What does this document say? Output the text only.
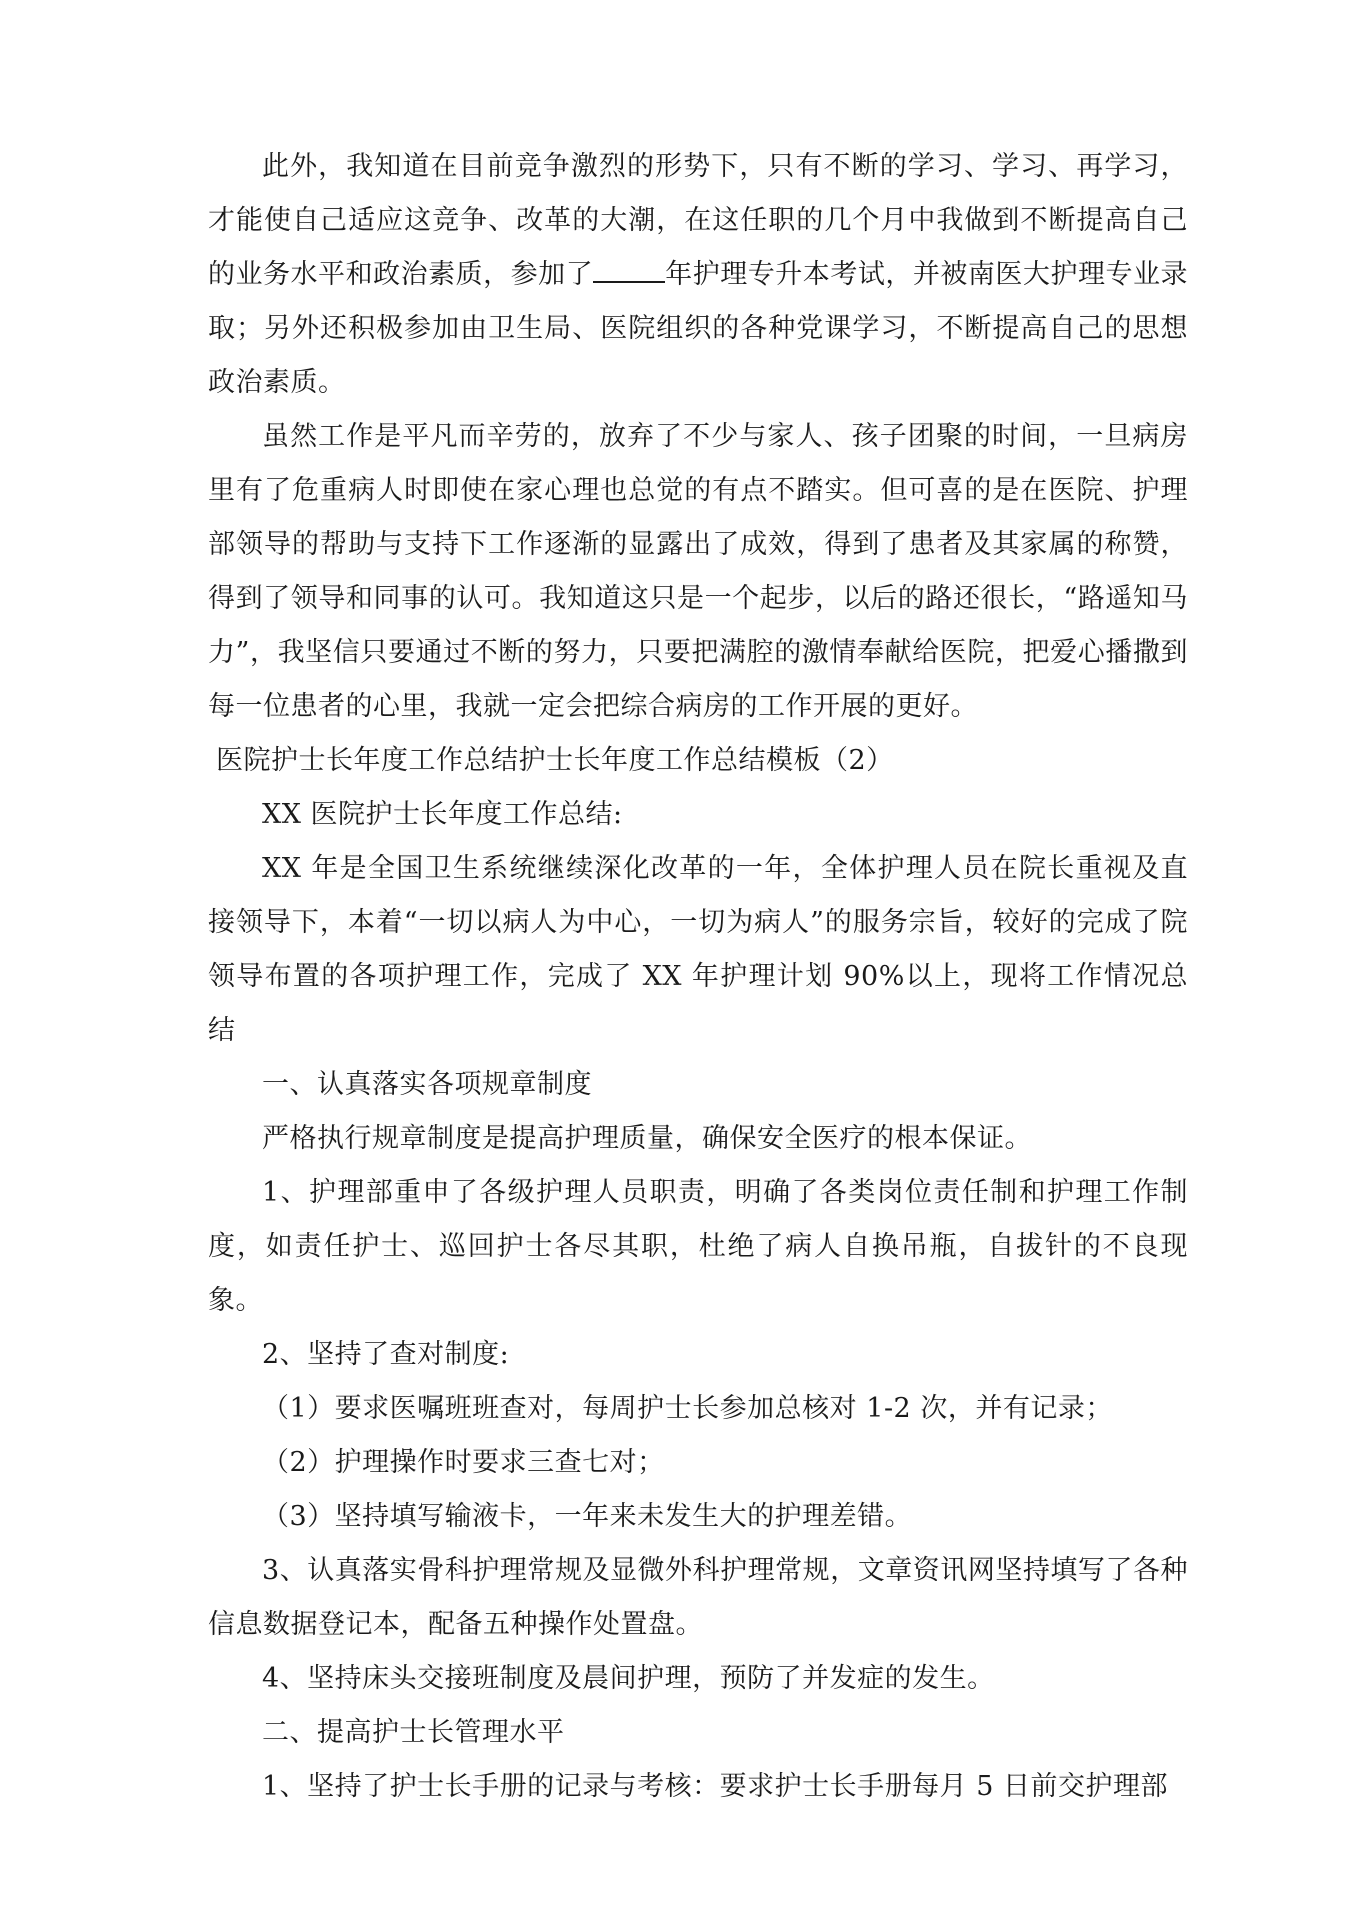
此外，我知道在目前竞争激烈的形势下，只有不断的学习、学习、再学习，才能使自己适应这竞争、改革的大潮，在这任职的几个月中我做到不断提高自己的业务水平和政治素质，参加了	年护理专升本考试，并被南医大护理专业录取；另外还积极参加由卫生局、医院组织的各种党课学习，不断提高自己的思想政治素质。

虽然工作是平凡而辛劳的，放弃了不少与家人、孩子团聚的时间，一旦病房里有了危重病人时即使在家心理也总觉的有点不踏实。但可喜的是在医院、护理部领导的帮助与支持下工作逐渐的显露出了成效，得到了患者及其家属的称赞，得到了领导和同事的认可。我知道这只是一个起步，以后的路还很长，“路遥知马力”，我坚信只要通过不断的努力，只要把满腔的激情奉献给医院，把爱心播撒到每一位患者的心里，我就一定会把综合病房的工作开展的更好。

医院护士长年度工作总结护士长年度工作总结模板（2）

XX 医院护士长年度工作总结:

XX 年是全国卫生系统继续深化改革的一年，全体护理人员在院长重视及直接领导下，本着“一切以病人为中心，一切为病人”的服务宗旨，较好的完成了院领导布置的各项护理工作，完成了 XX 年护理计划 90%以上，现将工作情况总结

一、认真落实各项规章制度

严格执行规章制度是提高护理质量，确保安全医疗的根本保证。

1、护理部重申了各级护理人员职责，明确了各类岗位责任制和护理工作制度，如责任护士、巡回护士各尽其职，杜绝了病人自换吊瓶，自拔针的不良现象。

2、坚持了查对制度:

（1）要求医嘱班班查对，每周护士长参加总核对 1-2 次，并有记录；

（2）护理操作时要求三查七对；

（3）坚持填写输液卡，一年来未发生大的护理差错。

3、认真落实骨科护理常规及显微外科护理常规，文章资讯网坚持填写了各种信息数据登记本，配备五种操作处置盘。

4、坚持床头交接班制度及晨间护理，预防了并发症的发生。

二、提高护士长管理水平

1、坚持了护士长手册的记录与考核：要求护士长手册每月 5 日前交护理部
